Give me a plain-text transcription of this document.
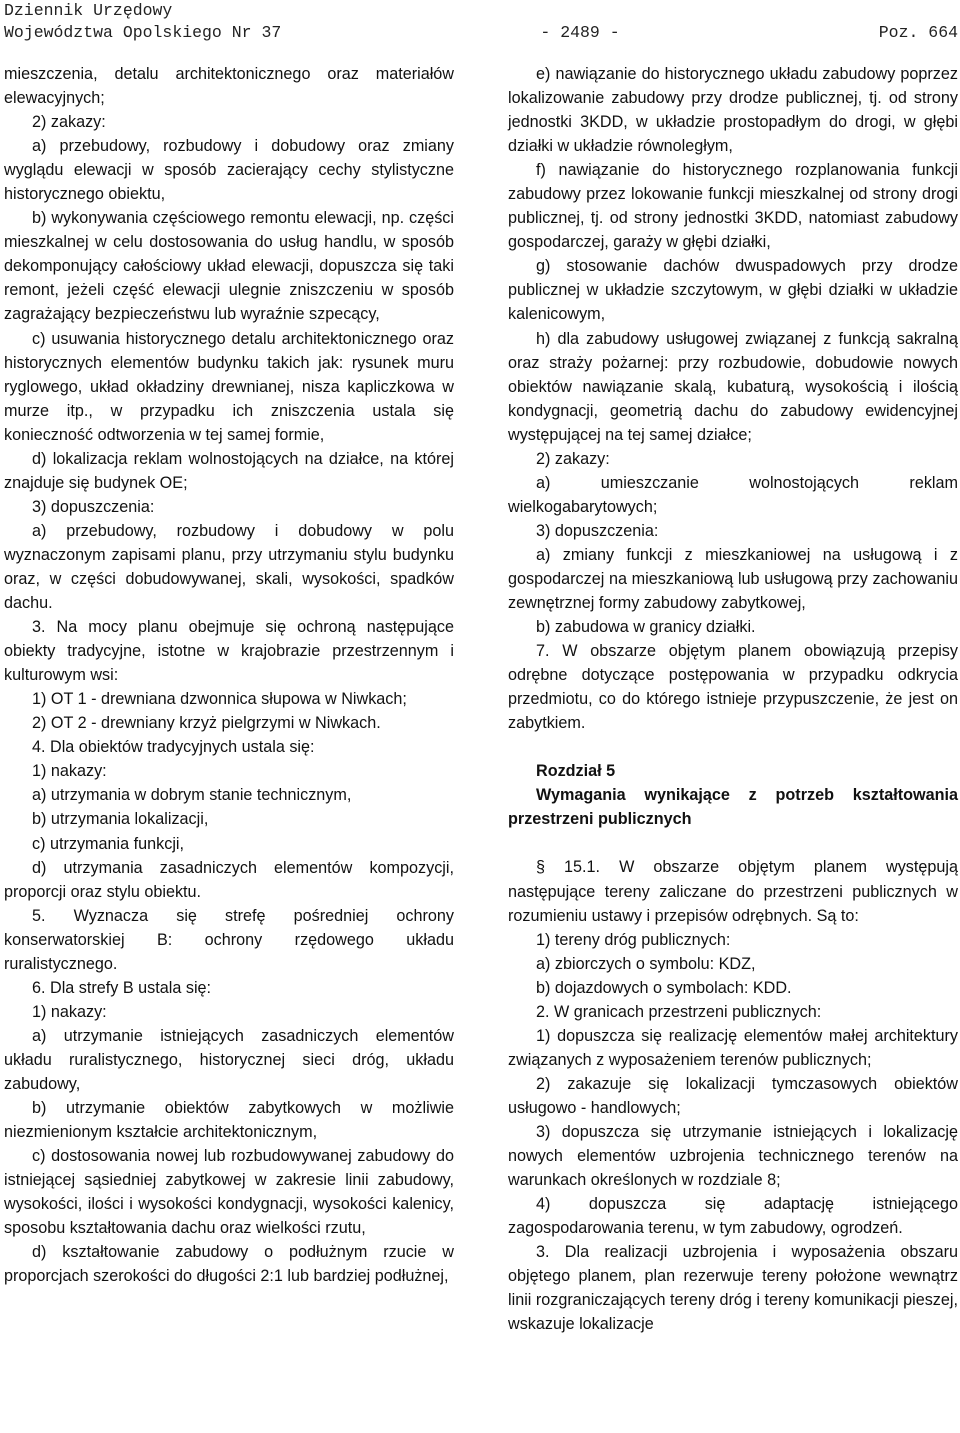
Dziennik Urzędowy
Województwa Opolskiego Nr 37	- 2489 -	Poz. 664

mieszczenia, detalu architektonicznego oraz materiałów elewacyjnych;

2) zakazy:

a) przebudowy, rozbudowy i dobudowy oraz zmiany wyglądu elewacji w sposób zacierający cechy stylistyczne historycznego obiektu,

b) wykonywania częściowego remontu elewacji, np. części mieszkalnej w celu dostosowania do usług handlu, w sposób dekomponujący całościowy układ elewacji, dopuszcza się taki remont, jeżeli część elewacji ulegnie zniszczeniu w sposób zagrażający bezpieczeństwu lub wyraźnie szpecący,

c) usuwania historycznego detalu architektonicznego oraz historycznych elementów budynku takich jak: rysunek muru ryglowego, układ okładziny drewnianej, nisza kapliczkowa w murze itp., w przypadku ich zniszczenia ustala się konieczność odtworzenia w tej samej formie,

d) lokalizacja reklam wolnostojących na działce, na której znajduje się budynek OE;

3) dopuszczenia:

a) przebudowy, rozbudowy i dobudowy w polu wyznaczonym zapisami planu, przy utrzymaniu stylu budynku oraz, w części dobudowywanej, skali, wysokości, spadków dachu.

3. Na mocy planu obejmuje się ochroną następujące obiekty tradycyjne, istotne w krajobrazie przestrzennym i kulturowym wsi:

1) OT 1 - drewniana dzwonnica słupowa w Niwkach;

2) OT 2 - drewniany krzyż pielgrzymi w Niwkach.

4. Dla obiektów tradycyjnych ustala się:

1) nakazy:

a) utrzymania w dobrym stanie technicznym,

b) utrzymania lokalizacji,

c) utrzymania funkcji,

d) utrzymania zasadniczych elementów kompozycji, proporcji oraz stylu obiektu.

5. Wyznacza się strefę pośredniej ochrony konserwatorskiej B: ochrony rzędowego układu ruralistycznego.

6. Dla strefy B ustala się:

1) nakazy:

a) utrzymanie istniejących zasadniczych elementów układu ruralistycznego, historycznej sieci dróg, układu zabudowy,

b) utrzymanie obiektów zabytkowych w możliwie niezmienionym kształcie architektonicznym,

c) dostosowania nowej lub rozbudowywanej zabudowy do istniejącej sąsiedniej zabytkowej w zakresie linii zabudowy, wysokości, ilości i wysokości kondygnacji, wysokości kalenicy, sposobu kształtowania dachu oraz wielkości rzutu,

d) kształtowanie zabudowy o podłużnym rzucie w proporcjach szerokości do długości 2:1 lub bardziej podłużnej,

e) nawiązanie do historycznego układu zabudowy poprzez lokalizowanie zabudowy przy drodze publicznej, tj. od strony jednostki 3KDD, w układzie prostopadłym do drogi, w głębi działki w układzie równoległym,

f) nawiązanie do historycznego rozplanowania funkcji zabudowy przez lokowanie funkcji mieszkalnej od strony drogi publicznej, tj. od strony jednostki 3KDD, natomiast zabudowy gospodarczej, garaży w głębi działki,

g) stosowanie dachów dwuspadowych przy drodze publicznej w układzie szczytowym, w głębi działki w układzie kalenicowym,

h) dla zabudowy usługowej związanej z funkcją sakralną oraz straży pożarnej: przy rozbudowie, dobudowie nowych obiektów nawiązanie skalą, kubaturą, wysokością i ilością kondygnacji, geometrią dachu do zabudowy ewidencyjnej występującej na tej samej działce;

2) zakazy:

a) umieszczanie wolnostojących reklam wielkogabarytowych;

3) dopuszczenia:

a) zmiany funkcji z mieszkaniowej na usługową i z gospodarczej na mieszkaniową lub usługową przy zachowaniu zewnętrznej formy zabudowy zabytkowej,

b) zabudowa w granicy działki.

7. W obszarze objętym planem obowiązują przepisy odrębne dotyczące postępowania w przypadku odkrycia przedmiotu, co do którego istnieje przypuszczenie, że jest on zabytkiem.

Rozdział 5

Wymagania wynikające z potrzeb kształtowania przestrzeni publicznych

§ 15.1. W obszarze objętym planem występują następujące tereny zaliczane do przestrzeni publicznych w rozumieniu ustawy i przepisów odrębnych. Są to:

1) tereny dróg publicznych:

a) zbiorczych o symbolu: KDZ,

b) dojazdowych o symbolach: KDD.

2. W granicach przestrzeni publicznych:

1) dopuszcza się realizację elementów małej architektury związanych z wyposażeniem terenów publicznych;

2) zakazuje się lokalizacji tymczasowych obiektów usługowo - handlowych;

3) dopuszcza się utrzymanie istniejących i lokalizację nowych elementów uzbrojenia technicznego terenów na warunkach określonych w rozdziale 8;

4) dopuszcza się adaptację istniejącego zagospodarowania terenu, w tym zabudowy, ogrodzeń.

3. Dla realizacji uzbrojenia i wyposażenia obszaru objętego planem, plan rezerwuje tereny położone wewnątrz linii rozgraniczających tereny dróg i tereny komunikacji pieszej, wskazuje lokalizacje
